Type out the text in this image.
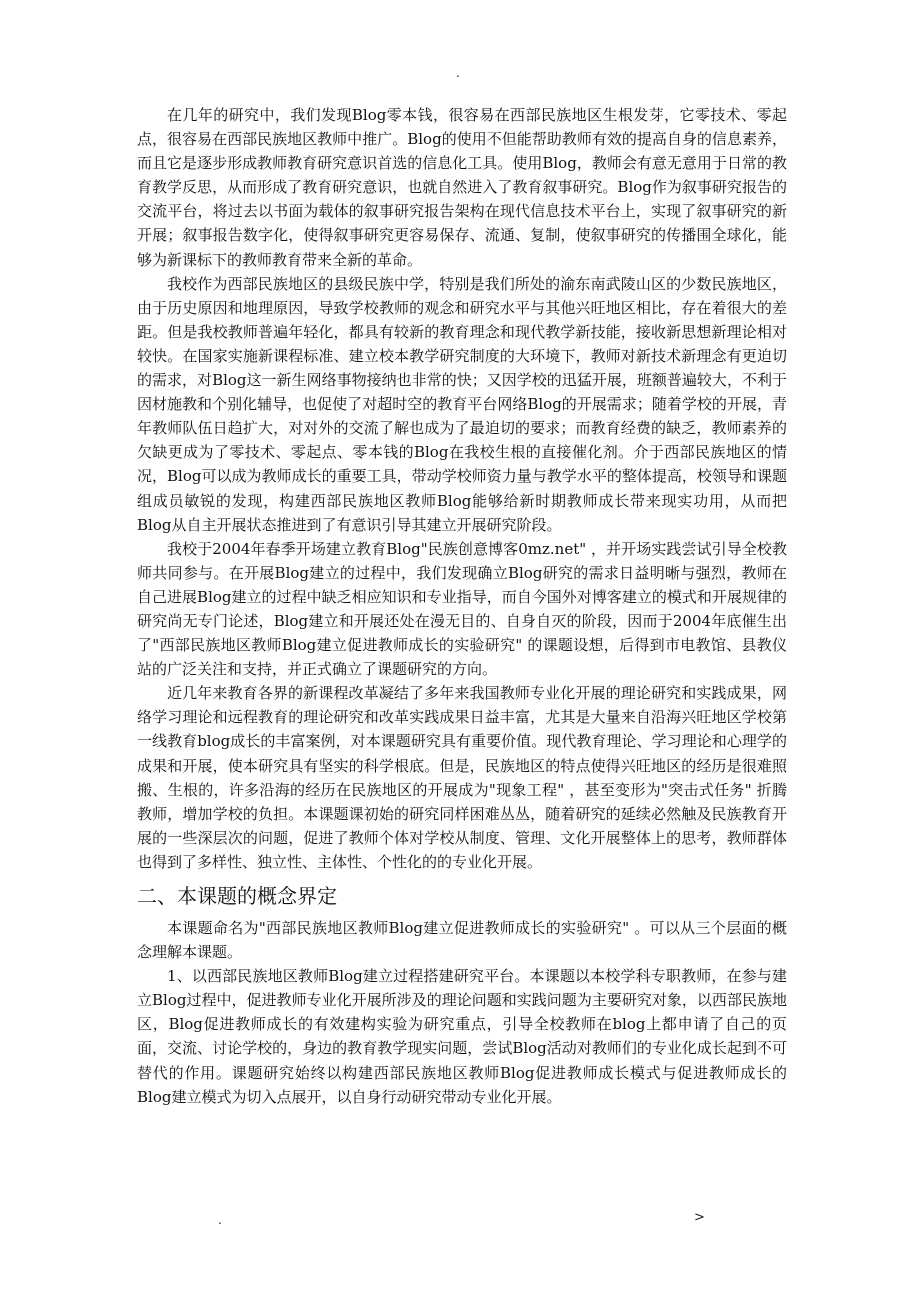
.

在几年的研究中，我们发现Blog零本钱，很容易在西部民族地区生根发芽，它零技术、零起点，很容易在西部民族地区教师中推广。Blog的使用不但能帮助教师有效的提高自身的信息素养，而且它是逐步形成教师教育研究意识首选的信息化工具。使用Blog，教师会有意无意用于日常的教育教学反思，从而形成了教育研究意识，也就自然进入了教育叙事研究。Blog作为叙事研究报告的交流平台，将过去以书面为载体的叙事研究报告架构在现代信息技术平台上，实现了叙事研究的新开展；叙事报告数字化，使得叙事研究更容易保存、流通、复制，使叙事研究的传播围全球化，能够为新课标下的教师教育带来全新的革命。

我校作为西部民族地区的县级民族中学，特别是我们所处的渝东南武陵山区的少数民族地区，由于历史原因和地理原因，导致学校教师的观念和研究水平与其他兴旺地区相比，存在着很大的差距。但是我校教师普遍年轻化，都具有较新的教育理念和现代教学新技能，接收新思想新理论相对较快。在国家实施新课程标准、建立校本教学研究制度的大环境下，教师对新技术新理念有更迫切的需求，对Blog这一新生网络事物接纳也非常的快；又因学校的迅猛开展，班额普遍较大，不利于因材施教和个别化辅导，也促使了对超时空的教育平台网络Blog的开展需求；随着学校的开展，青年教师队伍日趋扩大，对对外的交流了解也成为了最迫切的要求；而教育经费的缺乏，教师素养的欠缺更成为了零技术、零起点、零本钱的Blog在我校生根的直接催化剂。介于西部民族地区的情况，Blog可以成为教师成长的重要工具，带动学校师资力量与教学水平的整体提高，校领导和课题组成员敏锐的发现，构建西部民族地区教师Blog能够给新时期教师成长带来现实功用，从而把Blog从自主开展状态推进到了有意识引导其建立开展研究阶段。

我校于2004年春季开场建立教育Blog"民族创意博客0mz.net" ，并开场实践尝试引导全校教师共同参与。在开展Blog建立的过程中，我们发现确立Blog研究的需求日益明晰与强烈，教师在自己进展Blog建立的过程中缺乏相应知识和专业指导，而自今国外对博客建立的模式和开展规律的研究尚无专门论述，Blog建立和开展还处在漫无目的、自身自灭的阶段，因而于2004年底催生出了"西部民族地区教师Blog建立促进教师成长的实验研究" 的课题设想，后得到市电教馆、县教仪站的广泛关注和支持，并正式确立了课题研究的方向。

近几年来教育各界的新课程改革凝结了多年来我国教师专业化开展的理论研究和实践成果，网络学习理论和远程教育的理论研究和改革实践成果日益丰富，尤其是大量来自沿海兴旺地区学校第一线教育blog成长的丰富案例，对本课题研究具有重要价值。现代教育理论、学习理论和心理学的成果和开展，使本研究具有坚实的科学根底。但是，民族地区的特点使得兴旺地区的经历是很难照搬、生根的，许多沿海的经历在民族地区的开展成为"现象工程" ，甚至变形为"突击式任务" 折腾教师，增加学校的负担。本课题课初始的研究同样困难丛丛，随着研究的延续必然触及民族教育开展的一些深层次的问题，促进了教师个体对学校从制度、管理、文化开展整体上的思考，教师群体也得到了多样性、独立性、主体性、个性化的的专业化开展。

二、本课题的概念界定

本课题命名为"西部民族地区教师Blog建立促进教师成长的实验研究" 。可以从三个层面的概念理解本课题。

1、以西部民族地区教师Blog建立过程搭建研究平台。本课题以本校学科专职教师，在参与建立Blog过程中，促进教师专业化开展所涉及的理论问题和实践问题为主要研究对象，以西部民族地区，Blog促进教师成长的有效建构实验为研究重点，引导全校教师在blog上都申请了自己的页面，交流、讨论学校的，身边的教育教学现实问题，尝试Blog活动对教师们的专业化成长起到不可替代的作用。课题研究始终以构建西部民族地区教师Blog促进教师成长模式与促进教师成长的Blog建立模式为切入点展开，以自身行动研究带动专业化开展。

.	>
